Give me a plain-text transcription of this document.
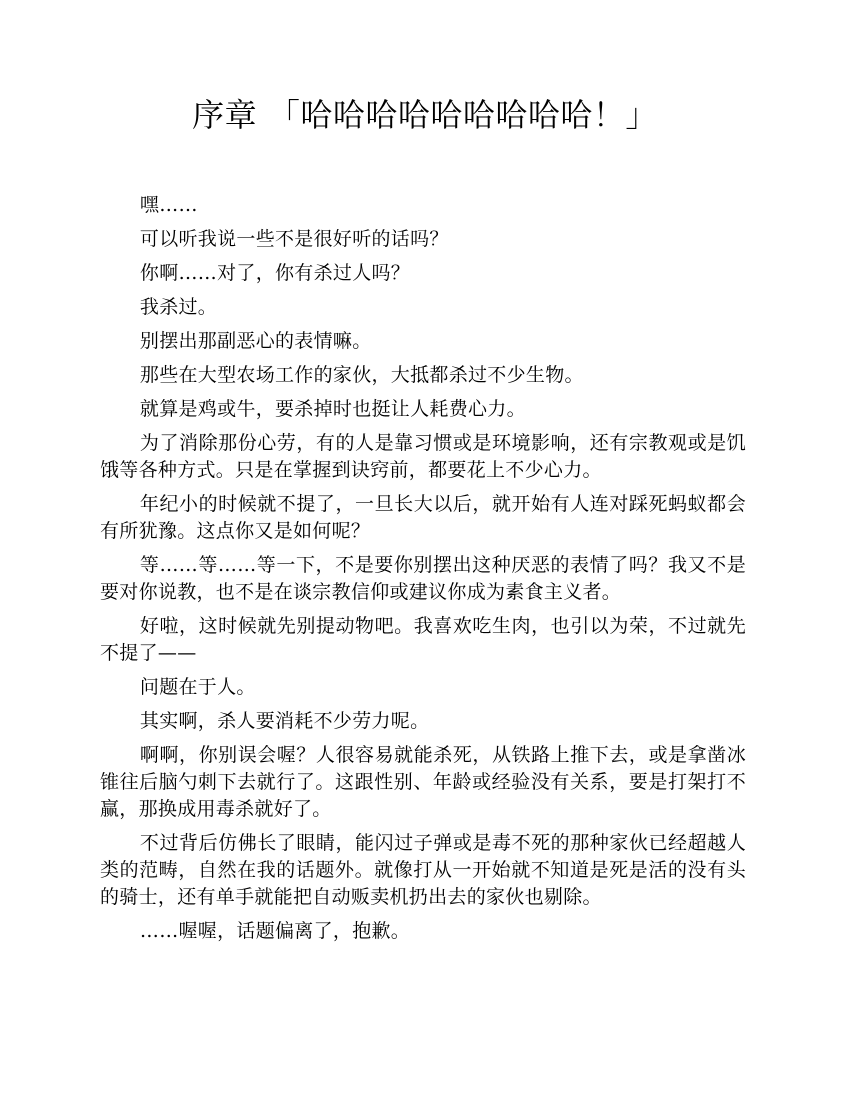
序章 「哈哈哈哈哈哈哈哈哈！」

嘿……

可以听我说一些不是很好听的话吗？

你啊……对了，你有杀过人吗？

我杀过。

别摆出那副恶心的表情嘛。

那些在大型农场工作的家伙，大抵都杀过不少生物。

就算是鸡或牛，要杀掉时也挺让人耗费心力。

为了消除那份心劳，有的人是靠习惯或是环境影响，还有宗教观或是饥饿等各种方式。只是在掌握到诀窍前，都要花上不少心力。

年纪小的时候就不提了，一旦长大以后，就开始有人连对踩死蚂蚁都会有所犹豫。这点你又是如何呢？

等……等……等一下，不是要你别摆出这种厌恶的表情了吗？我又不是要对你说教，也不是在谈宗教信仰或建议你成为素食主义者。

好啦，这时候就先别提动物吧。我喜欢吃生肉，也引以为荣，不过就先不提了——

问题在于人。

其实啊，杀人要消耗不少劳力呢。

啊啊，你别误会喔？人很容易就能杀死，从铁路上推下去，或是拿凿冰锥往后脑勺刺下去就行了。这跟性别、年龄或经验没有关系，要是打架打不赢，那换成用毒杀就好了。

不过背后仿佛长了眼睛，能闪过子弹或是毒不死的那种家伙已经超越人类的范畴，自然在我的话题外。就像打从一开始就不知道是死是活的没有头的骑士，还有单手就能把自动贩卖机扔出去的家伙也剔除。

……喔喔，话题偏离了，抱歉。
